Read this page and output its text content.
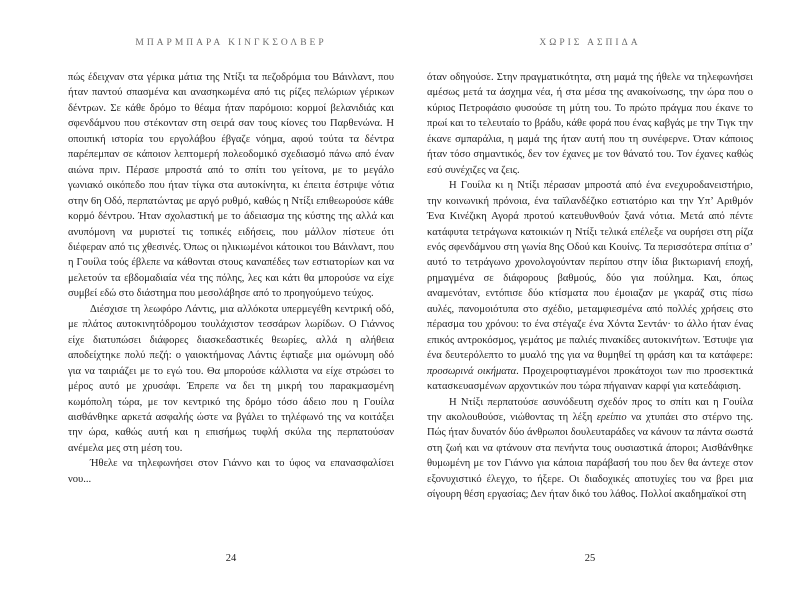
ΜΠΑΡΜΠΑΡΑ ΚΙΝΓΚΣΟΛΒΕΡ

πώς έδειχναν στα γέρικα μάτια της Ντίξι τα πεζοδρόμια του Βάινλαντ, που ήταν παντού σπασμένα και ανασηκωμένα από τις ρίζες πελώριων γέρικων δέντρων. Σε κάθε δρόμο το θέαμα ήταν παρόμοιο: κορμοί βελανιδιάς και σφενδάμνου που στέκονταν στη σειρά σαν τους κίονες του Παρθενώνα. Η οποιπική ιστορία του εργολάβου έβγαζε νόημα, αφού τούτα τα δέντρα παρέπεμπαν σε κάποιον λεπτομερή πολεοδομικό σχεδιασμό πάνω από έναν αιώνα πριν. Πέρασε μπροστά από το σπίτι του γείτονα, με το μεγάλο γωνιακό οικόπεδο που ήταν τίγκα στα αυτοκίνητα, κι έπειτα έστριψε νότια στην 6η Οδό, περπατώντας με αργό ρυθμό, καθώς η Ντίξι επιθεωρούσε κάθε κορμό δέντρου. Ήταν σχολαστική με το άδειασμα της κύστης της αλλά και ανυπόμονη να μυριστεί τις τοπικές ειδήσεις, που μάλλον πίστευε ότι διέφεραν από τις χθεσινές. Όπως οι ηλικιωμένοι κάτοικοι του Βάινλαντ, που η Γουίλα τούς έβλεπε να κάθονται στους καναπέδες των εστιατορίων και να μελετούν τα εβδομαδιαία νέα της πόλης, λες και κάτι θα μπορούσε να είχε συμβεί εδώ στο διάστημα που μεσολάβησε από το προηγούμενο τεύχος.

Διέσχισε τη λεωφόρο Λάντις, μια αλλόκοτα υπερμεγέθη κεντρική οδό, με πλάτος αυτοκινητόδρομου τουλάχιστον τεσσάρων λωρίδων. Ο Γιάννος είχε διατυπώσει διάφορες διασκεδαστικές θεωρίες, αλλά η αλήθεια αποδείχτηκε πολύ πεζή: ο γαιοκτήμονας Λάντις έφτιαξε μια ομώνυμη οδό για να ταιριάζει με το εγώ του. Θα μπορούσε κάλλιστα να είχε στρώσει το μέρος αυτό με χρυσάφι. Έπρεπε να δει τη μικρή του παρακμασμένη κωμόπολη τώρα, με τον κεντρικό της δρόμο τόσο άδειο που η Γουίλα αισθάνθηκε αρκετά ασφαλής ώστε να βγάλει το τηλέφωνό της να κοιτάξει την ώρα, καθώς αυτή και η επισήμως τυφλή σκύλα της περπατούσαν ανέμελα μες στη μέση του.

Ήθελε να τηλεφωνήσει στον Γιάννο και το ύφος να επανασφαλίσει νου...

24
ΧΩΡΙΣ ΑΣΠΙΔΑ

όταν οδηγούσε. Στην πραγματικότητα, στη μαμά της ήθελε να τηλεφωνήσει αμέσως μετά τα άσχημα νέα, ή στα μέσα της ανακοίνωσης, την ώρα που ο κύριος Πετροφάσιο φυσούσε τη μύτη του. Το πρώτο πράγμα που έκανε το πρωί και το τελευταίο το βράδυ, κάθε φορά που ένας καβγάς με την Τιγκ την έκανε σμπαράλια, η μαμά της ήταν αυτή που τη συνέφερνε. Όταν κάποιος ήταν τόσο σημαντικός, δεν τον έχανες με τον θάνατό του. Τον έχανες καθώς εσύ συνέχιζες να ζεις.

Η Γουίλα κι η Ντίξι πέρασαν μπροστά από ένα ενεχυροδανειστήριο, την κοινωνική πρόνοια, ένα ταϊλανδέζικο εστιατόριο και την Υπ’ Αριθμόν Ένα Κινέζικη Αγορά προτού κατευθυνθούν ξανά νότια. Μετά από πέντε κατάφυτα τετράγωνα κατοικιών η Ντίξι τελικά επέλεξε να ουρήσει στη ρίζα ενός σφενδάμνου στη γωνία 8ης Οδού και Κουίνς. Τα περισσότερα σπίτια σ’ αυτό το τετράγωνο χρονολογούνταν περίπου στην ίδια βικτωριανή εποχή, ρημαγμένα σε διάφορους βαθμούς, δύο για πούλημα. Και, όπως αναμενόταν, εντόπισε δύο κτίσματα που έμοιαζαν με γκαράζ στις πίσω αυλές, πανομοιότυπα στο σχέδιο, μεταμφιεσμένα από πολλές χρήσεις στο πέρασμα του χρόνου: το ένα στέγαζε ένα Χόντα Σεντάν· το άλλο ήταν ένας επικός αντροκόσμος, γεμάτος με παλιές πινακίδες αυτοκινήτων. Έστυψε για ένα δευτερόλεπτο το μυαλό της για να θυμηθεί τη φράση και τα κατάφερε: προσωρινά οικήματα. Προχειροφτιαγμένοι προκάτοχοι των πιο προσεκτικά κατασκευασμένων αρχοντικών που τώρα πήγαιναν καρφί για κατεδάφιση.

Η Ντίξι περπατούσε ασυνόδευτη σχεδόν προς το σπίτι και η Γουίλα την ακολουθούσε, νιώθοντας τη λέξη ερείπιο να χτυπάει στο στέρνο της. Πώς ήταν δυνατόν δύο άνθρωποι δουλευταράδες να κάνουν τα πάντα σωστά στη ζωή και να φτάνουν στα πενήντα τους ουσιαστικά άποροι; Αισθάνθηκε θυμωμένη με τον Γιάννο για κάποια παράβασή του που δεν θα άντεχε στον εξονυχιστικό έλεγχο, το ήξερε. Οι διαδοχικές αποτυχίες του να βρει μια σίγουρη θέση εργασίας; Δεν ήταν δικό του λάθος. Πολλοί ακαδημαϊκοί στη

25
